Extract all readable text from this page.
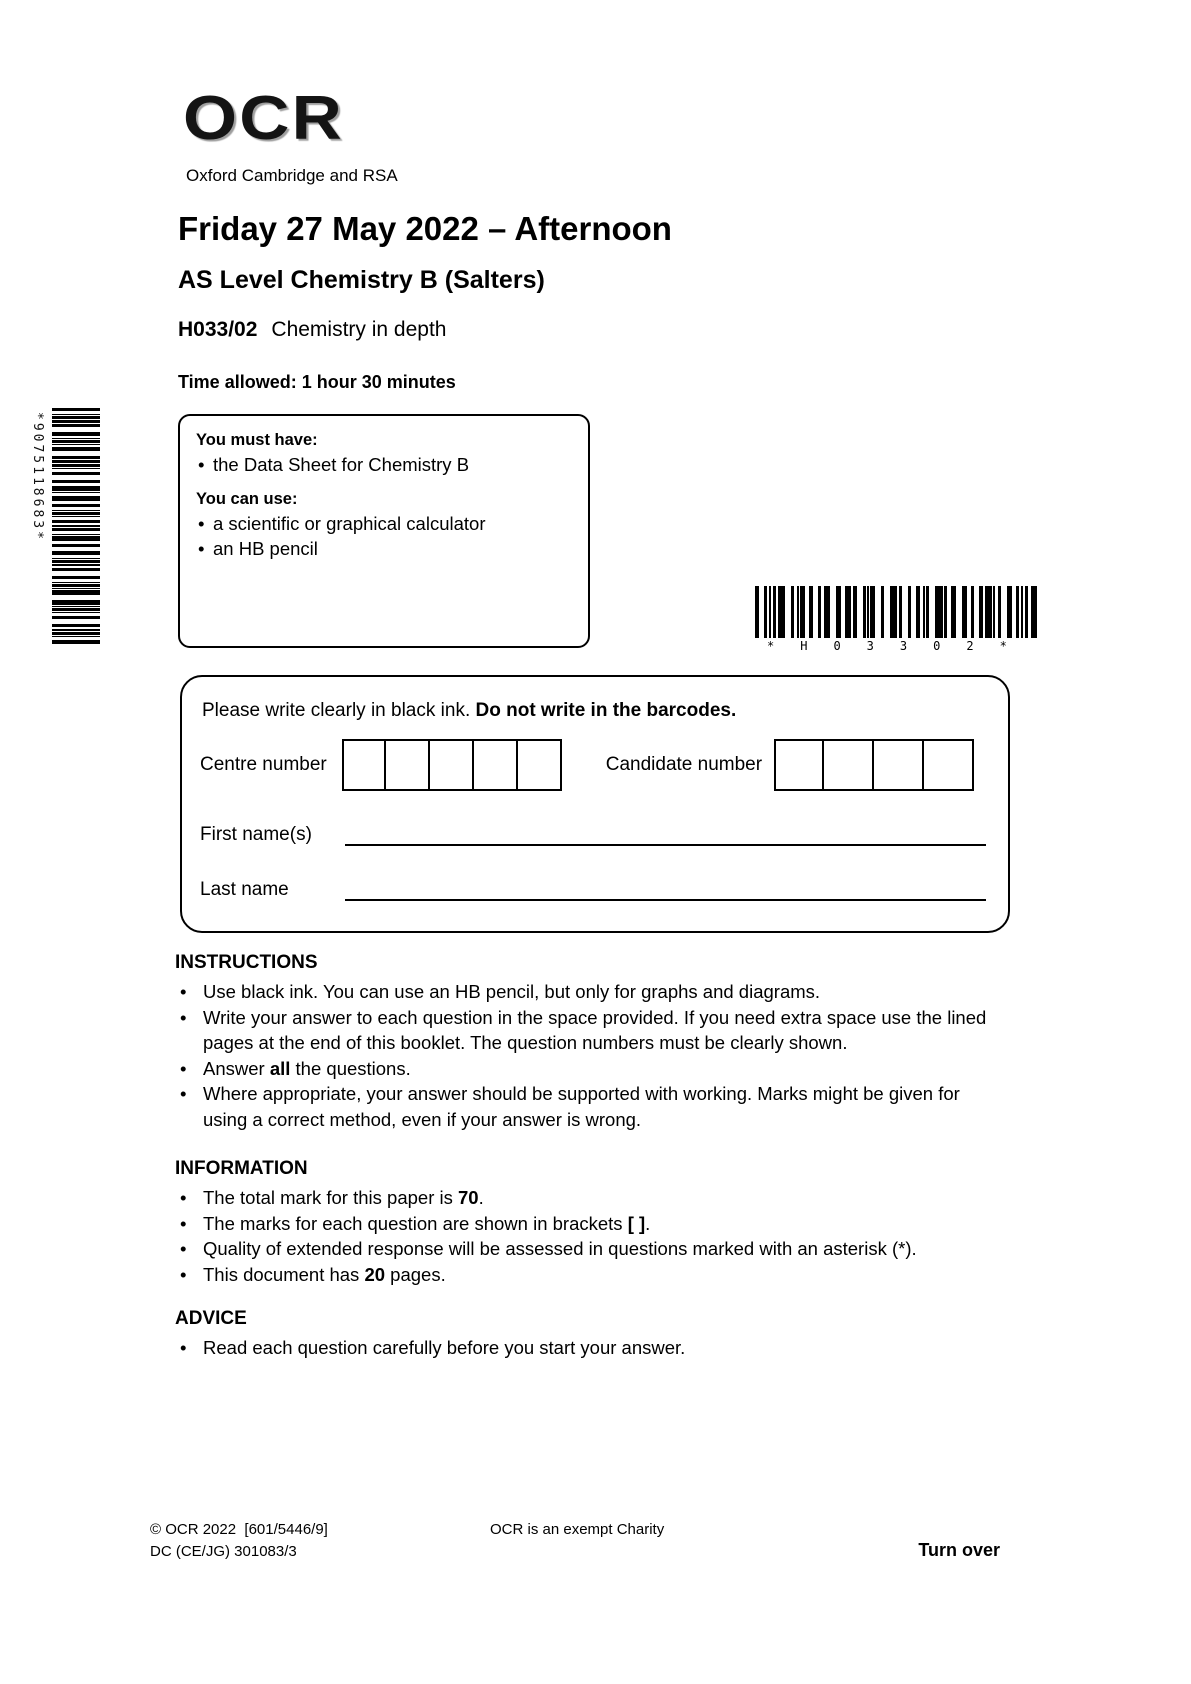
*9075118683*
OCR
Oxford Cambridge and RSA
Friday 27 May 2022 – Afternoon
AS Level Chemistry B (Salters)
H033/02 Chemistry in depth
Time allowed: 1 hour 30 minutes
You must have:
• the Data Sheet for Chemistry B
You can use:
• a scientific or graphical calculator
• an HB pencil
*H03302*
Please write clearly in black ink. Do not write in the barcodes.
Centre number	Candidate number
First name(s)
Last name
INSTRUCTIONS
• Use black ink. You can use an HB pencil, but only for graphs and diagrams.
• Write your answer to each question in the space provided. If you need extra space use the lined pages at the end of this booklet. The question numbers must be clearly shown.
• Answer all the questions.
• Where appropriate, your answer should be supported with working. Marks might be given for using a correct method, even if your answer is wrong.
INFORMATION
• The total mark for this paper is 70.
• The marks for each question are shown in brackets [ ].
• Quality of extended response will be assessed in questions marked with an asterisk (*).
• This document has 20 pages.
ADVICE
• Read each question carefully before you start your answer.
© OCR 2022  [601/5446/9]
DC (CE/JG) 301083/3
OCR is an exempt Charity
Turn over
